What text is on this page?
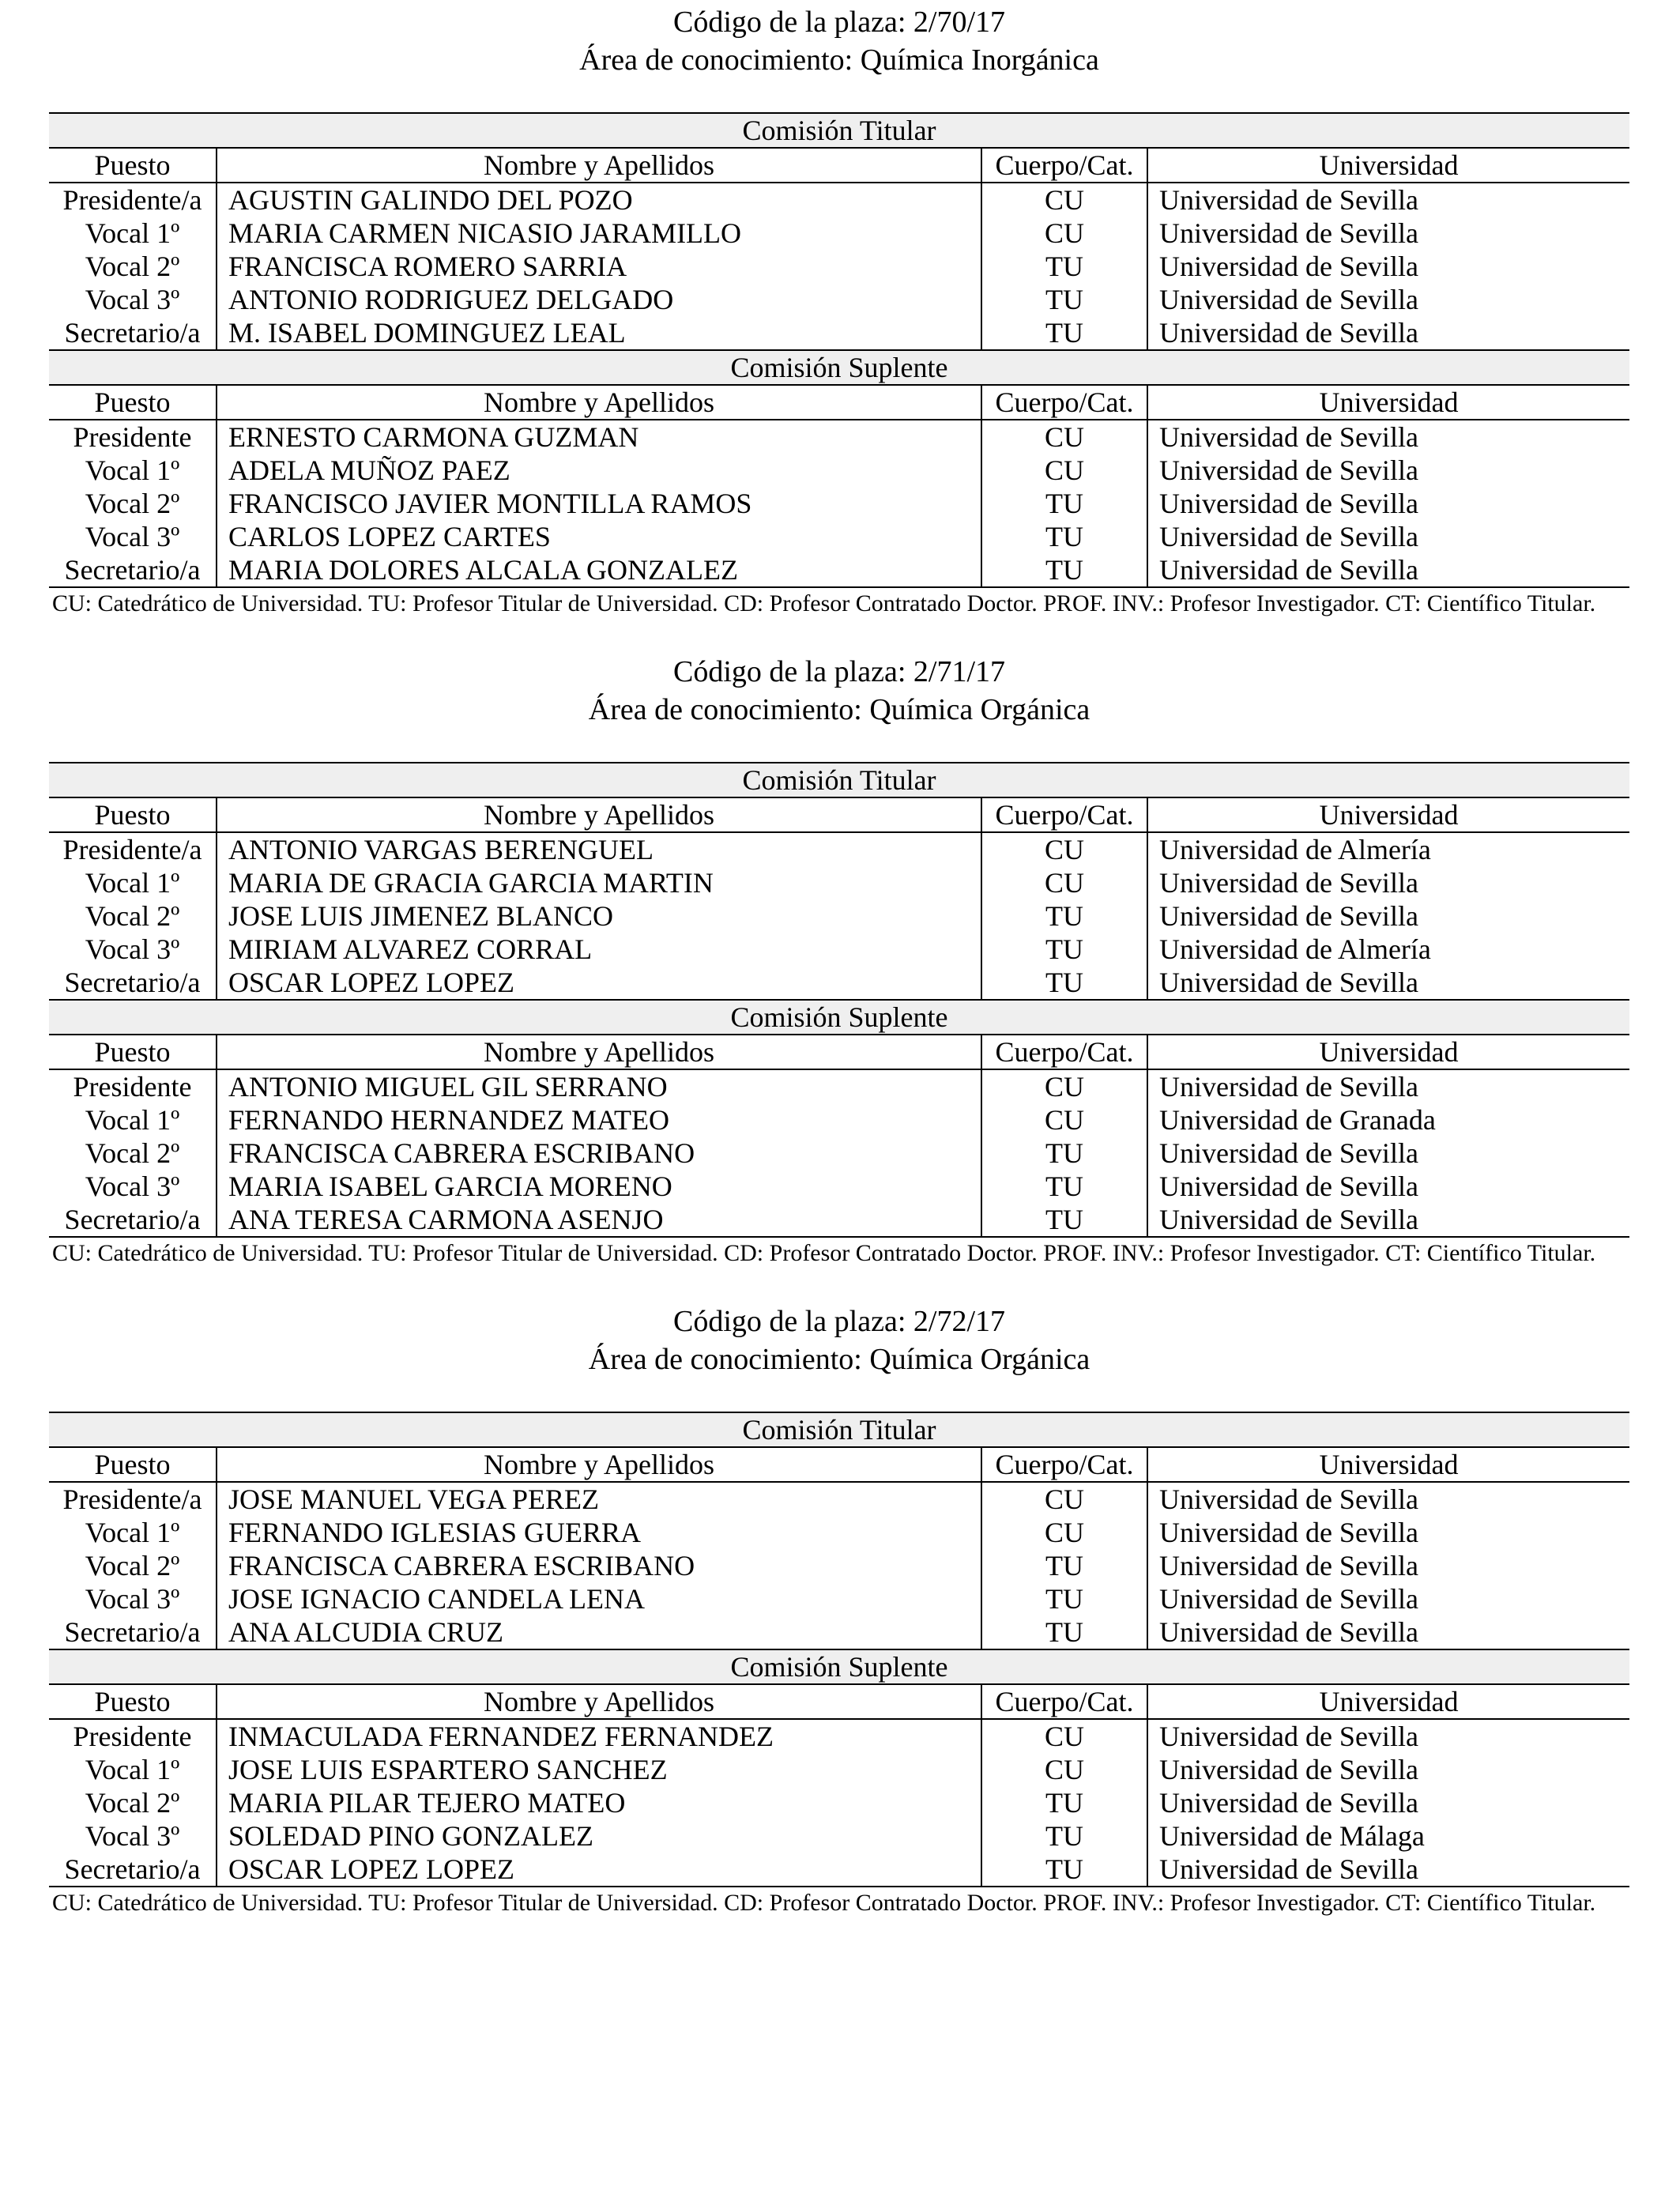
Código de la plaza: 2/70/17
Área de conocimiento: Química Inorgánica
Comisión Titular			
Puesto	Nombre y Apellidos	Cuerpo/Cat.	Universidad
Presidente/a	AGUSTIN GALINDO DEL POZO	CU	Universidad de Sevilla
Vocal 1º	MARIA CARMEN NICASIO JARAMILLO	CU	Universidad de Sevilla
Vocal 2º	FRANCISCA ROMERO SARRIA	TU	Universidad de Sevilla
Vocal 3º	ANTONIO RODRIGUEZ DELGADO	TU	Universidad de Sevilla
Secretario/a	M. ISABEL DOMINGUEZ LEAL	TU	Universidad de Sevilla
Comisión Suplente			
Puesto	Nombre y Apellidos	Cuerpo/Cat.	Universidad
Presidente	ERNESTO CARMONA GUZMAN	CU	Universidad de Sevilla
Vocal 1º	ADELA MUÑOZ PAEZ	CU	Universidad de Sevilla
Vocal 2º	FRANCISCO JAVIER MONTILLA RAMOS	TU	Universidad de Sevilla
Vocal 3º	CARLOS LOPEZ CARTES	TU	Universidad de Sevilla
Secretario/a	MARIA DOLORES ALCALA GONZALEZ	TU	Universidad de Sevilla
CU: Catedrático de Universidad. TU: Profesor Titular de Universidad. CD: Profesor Contratado Doctor. PROF. INV.: Profesor Investigador. CT: Científico Titular.
Código de la plaza: 2/71/17
Área de conocimiento: Química Orgánica
Comisión Titular			
Puesto	Nombre y Apellidos	Cuerpo/Cat.	Universidad
Presidente/a	ANTONIO VARGAS BERENGUEL	CU	Universidad de Almería
Vocal 1º	MARIA DE GRACIA GARCIA MARTIN	CU	Universidad de Sevilla
Vocal 2º	JOSE LUIS JIMENEZ BLANCO	TU	Universidad de Sevilla
Vocal 3º	MIRIAM ALVAREZ CORRAL	TU	Universidad de Almería
Secretario/a	OSCAR LOPEZ LOPEZ	TU	Universidad de Sevilla
Comisión Suplente			
Puesto	Nombre y Apellidos	Cuerpo/Cat.	Universidad
Presidente	ANTONIO MIGUEL GIL SERRANO	CU	Universidad de Sevilla
Vocal 1º	FERNANDO HERNANDEZ MATEO	CU	Universidad de Granada
Vocal 2º	FRANCISCA CABRERA ESCRIBANO	TU	Universidad de Sevilla
Vocal 3º	MARIA ISABEL GARCIA MORENO	TU	Universidad de Sevilla
Secretario/a	ANA TERESA CARMONA ASENJO	TU	Universidad de Sevilla
CU: Catedrático de Universidad. TU: Profesor Titular de Universidad. CD: Profesor Contratado Doctor. PROF. INV.: Profesor Investigador. CT: Científico Titular.
Código de la plaza: 2/72/17
Área de conocimiento: Química Orgánica
Comisión Titular			
Puesto	Nombre y Apellidos	Cuerpo/Cat.	Universidad
Presidente/a	JOSE MANUEL VEGA PEREZ	CU	Universidad de Sevilla
Vocal 1º	FERNANDO IGLESIAS GUERRA	CU	Universidad de Sevilla
Vocal 2º	FRANCISCA CABRERA ESCRIBANO	TU	Universidad de Sevilla
Vocal 3º	JOSE IGNACIO CANDELA LENA	TU	Universidad de Sevilla
Secretario/a	ANA ALCUDIA CRUZ	TU	Universidad de Sevilla
Comisión Suplente			
Puesto	Nombre y Apellidos	Cuerpo/Cat.	Universidad
Presidente	INMACULADA FERNANDEZ FERNANDEZ	CU	Universidad de Sevilla
Vocal 1º	JOSE LUIS ESPARTERO SANCHEZ	CU	Universidad de Sevilla
Vocal 2º	MARIA PILAR TEJERO MATEO	TU	Universidad de Sevilla
Vocal 3º	SOLEDAD PINO GONZALEZ	TU	Universidad de Málaga
Secretario/a	OSCAR LOPEZ LOPEZ	TU	Universidad de Sevilla
CU: Catedrático de Universidad. TU: Profesor Titular de Universidad. CD: Profesor Contratado Doctor. PROF. INV.: Profesor Investigador. CT: Científico Titular.
